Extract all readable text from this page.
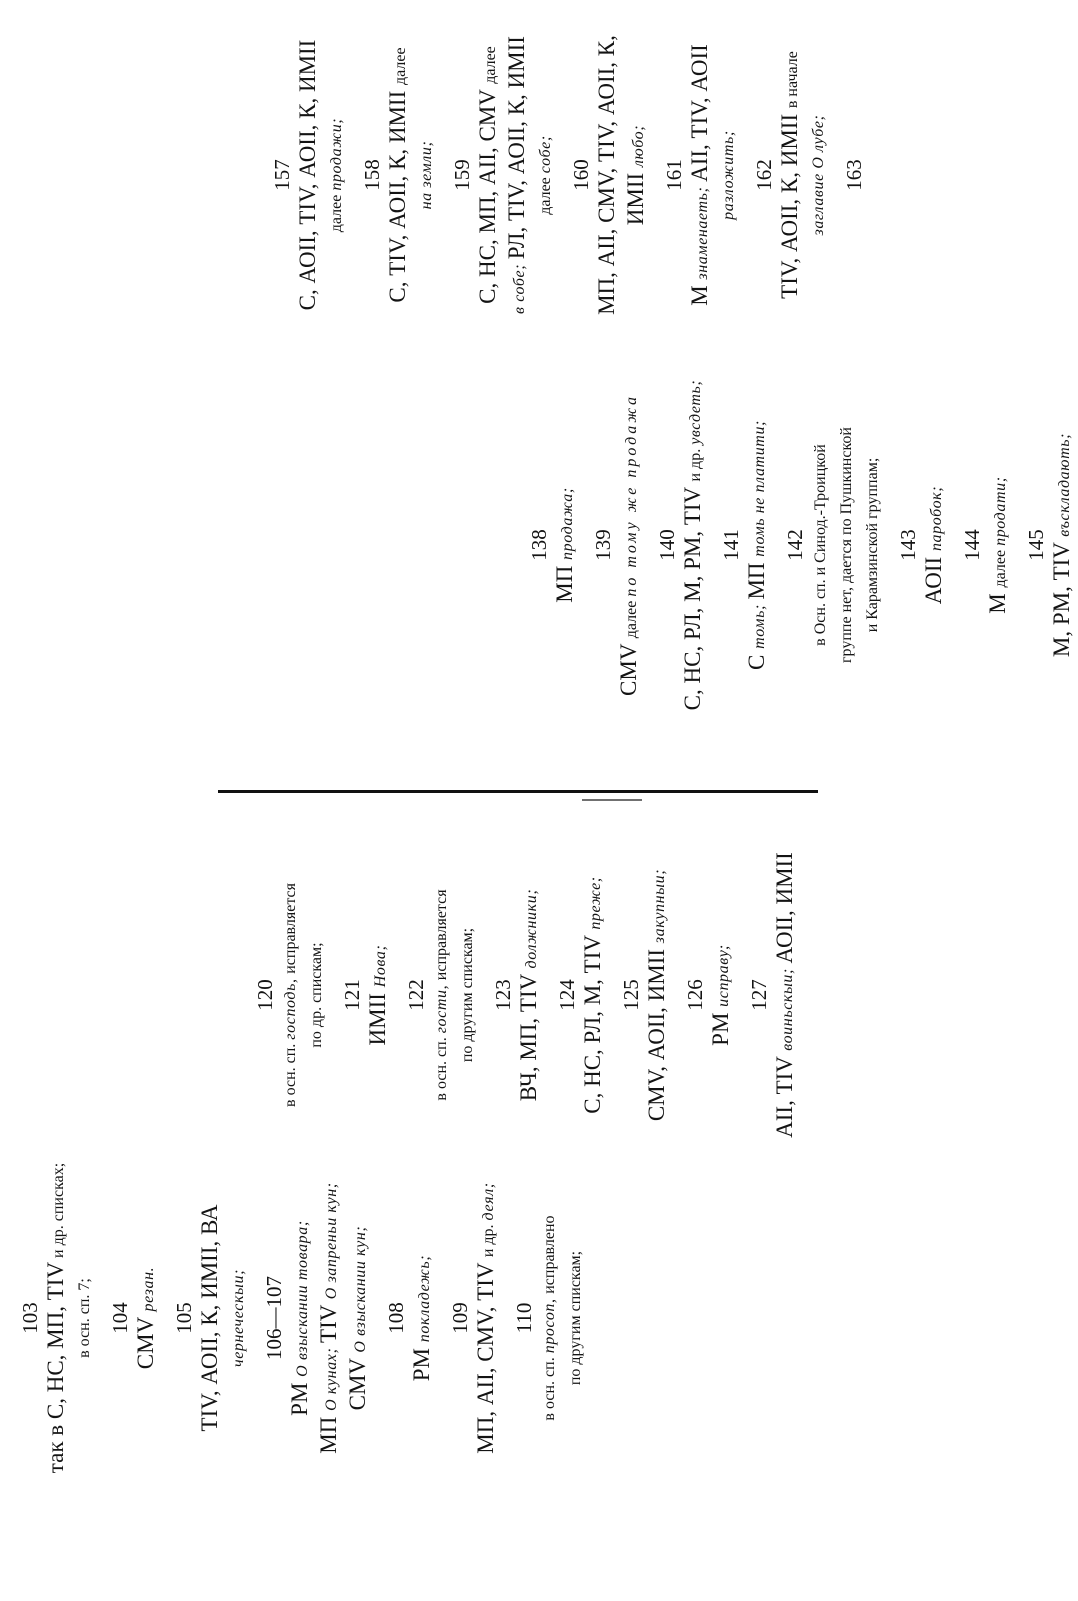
103 так в С, НС, МП, ТIV и др. списках;
в осн. сп. 7; 104 СМV резан.
105 ТIV, АОII, К, ИМII, ВА чернеческыи; 106—107
РМ О взыскании товара;
МП О кунах; ТIV О запреньи кун;
СМV О взыскании кун; 108
РМ покладежь; 109 МП, АII, СМV, ТIV и др. деял;
110
в осн. сп. просоп, исправлено по другим спискам;
120
в осн. сп. господь, исправляется
по др. спискам; 121 ИМII Нова;
122
в осн. сп. гости, исправляется по другим спискам; 123 ВЧ, МП, ТIV должники;
124 С, НС, РЛ, М, ТIV преже;
125 СМV, АОII, ИМII закупныи;
126
РМ исправу; 127
АII, ТIV воиньскыи; АОII, ИМII
138
МП продажа; 139
СМV далее по тому же продажа 140 С, НС, РЛ, М, РМ, ТIV и др. увсдеть;
141
С томь; МП томь не платити; 142 в Осн. сп. и Синод.-Троицкой группе нет, дается по Пушкинской и Карамзинской группам; 143
АОII паробок; 144
М далее продати; 145 М, РМ, ТIV въскладають;
157 С, АОII, ТIV, АОII, К, ИМII далее продажи; 158 С, ТIV, АОII, К, ИМII далее
на земли; 159 С, НС, МП, АII, СМV далее
в собе; РЛ, ТIV, АОII, К, ИМII далее собе;
160 МП, АII, СМV, ТIV, АОII, К, ИМII любо;
161
М знаменаеть; АII, ТIV, АОII разложить; 162 ТIV, АОII, К, ИМII в начале
заглавие О лубе;
163
